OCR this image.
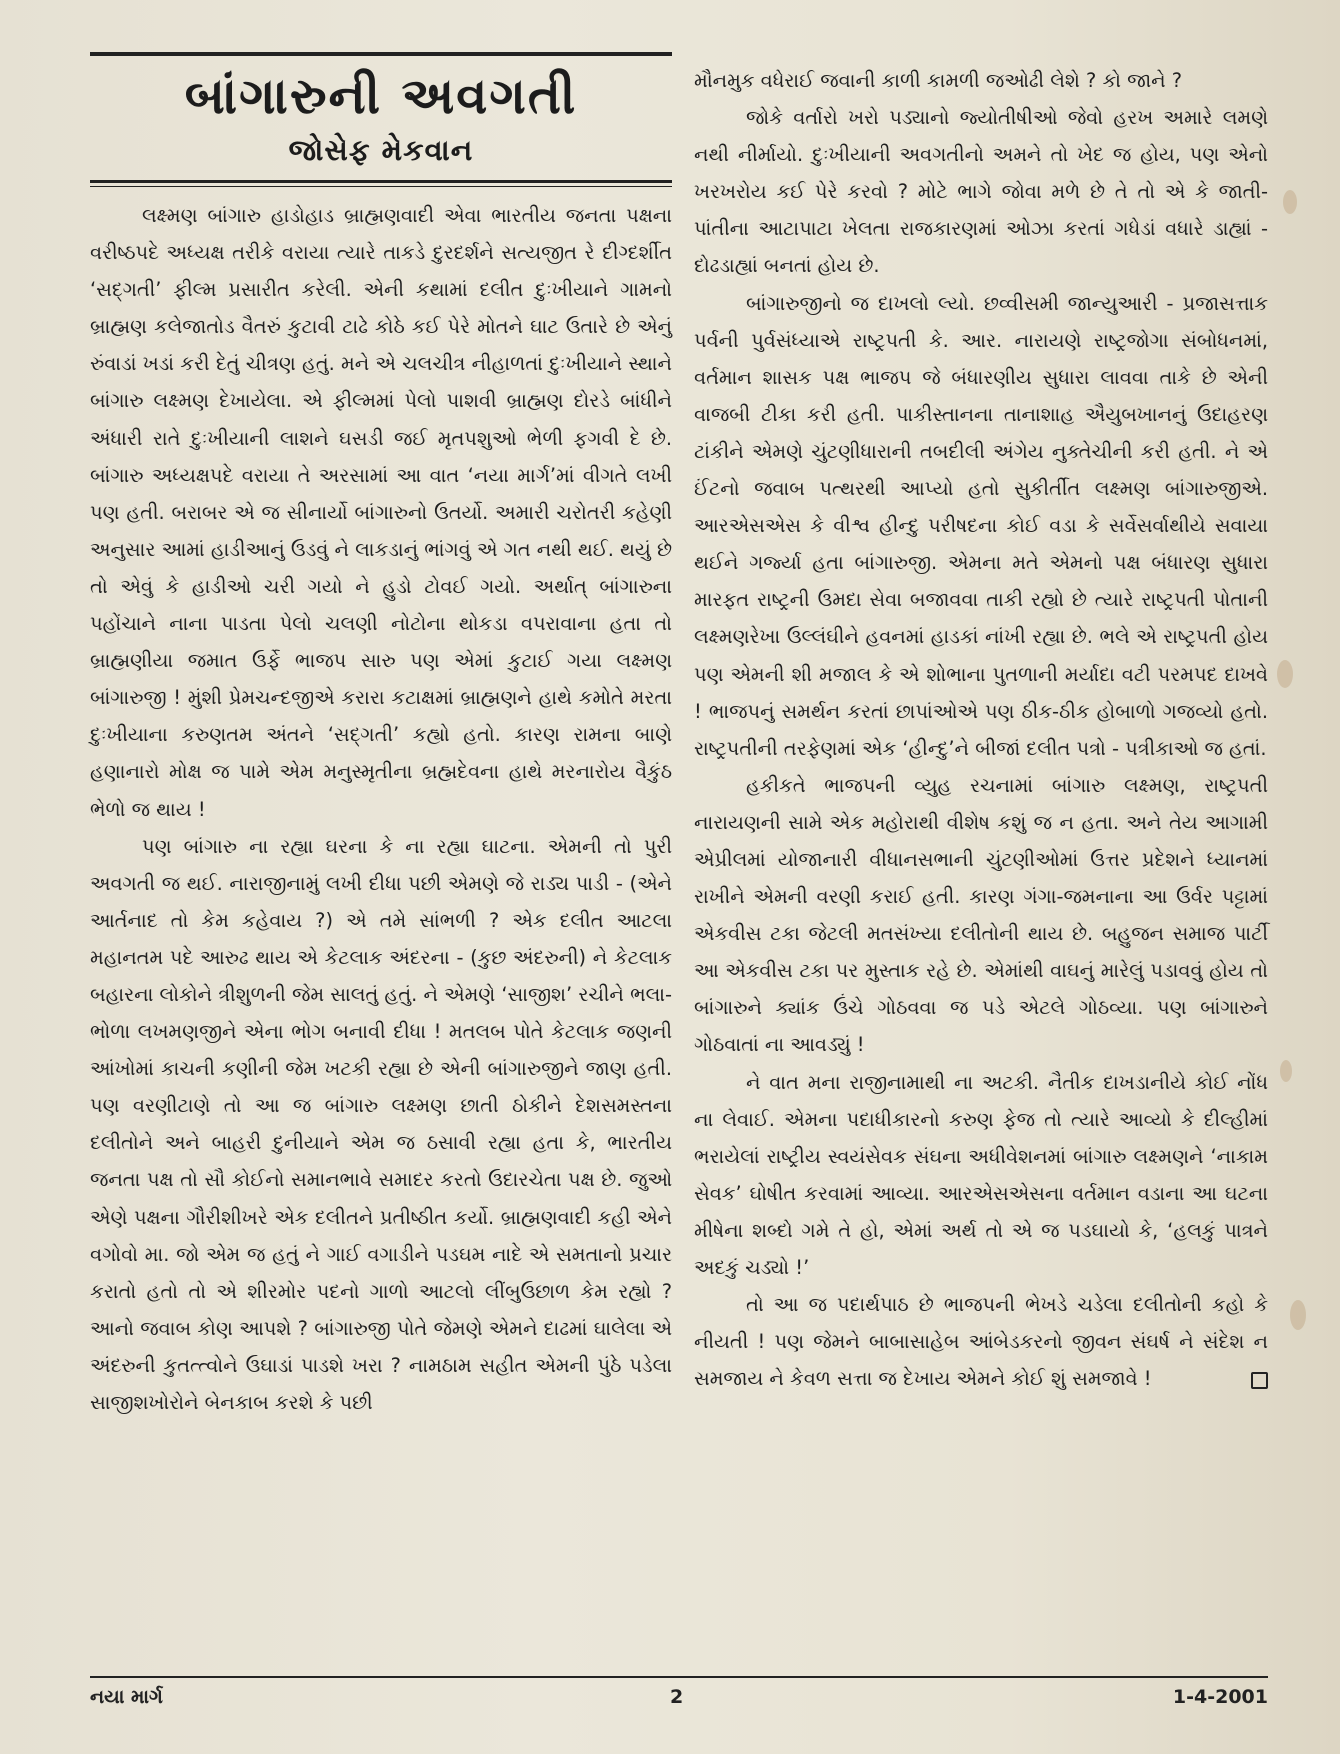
બાંગારુની અવગતી
જોસેફ મેકવાન

લક્ષ્મણ બાંગારુ હાડોહાડ બ્રાહ્મણવાદી એવા ભારતીય જનતા પક્ષના વરીષ્ઠપદે અધ્યક્ષ તરીકે વરાયા ત્યારે તાકડે દુરદર્શને સત્યજીત રે દીગ્દર્શીત ‘સદ્‌ગતી’ ફીલ્મ પ્રસારીત કરેલી. એની કથામાં દલીત દુઃખીયાને ગામનો બ્રાહ્મણ કલેજાતોડ વૈતરું કુટાવી ટાઢે કોઠે કઈ પેરે મોતને ઘાટ ઉતારે છે એનું રુંવાડાં ખડાં કરી દેતું ચીત્રણ હતું. મને એ ચલચીત્ર નીહાળતાં દુઃખીયાને સ્થાને બાંગારુ લક્ષ્મણ દેખાયેલા. એ ફીલ્મમાં પેલો પાશવી બ્રાહ્મણ દોરડે બાંધીને અંધારી રાતે દુઃખીયાની લાશને ઘસડી જઈ મૃતપશુઓ ભેળી ફગવી દે છે. બાંગારુ અધ્યક્ષપદે વરાયા તે અરસામાં આ વાત ‘નયા માર્ગ’માં વીગતે લખી પણ હતી. બરાબર એ જ સીનાર્યો બાંગારુનો ઉતર્યો. અમારી ચરોતરી કહેણી અનુસાર આમાં હાડીઆનું ઉડવું ને લાકડાનું ભાંગવું એ ગત નથી થઈ. થયું છે તો એવું કે હાડીઓ ચરી ગયો ને હુડો ટોવઈ ગયો. અર્થાત્ બાંગારુના પહોંચાને નાના પાડતા પેલો ચલણી નોટોના થોકડા વપરાવાના હતા તો બ્રાહ્મણીયા જમાત ઉર્ફે ભાજપ સારુ પણ એમાં કુટાઈ ગયા લક્ષ્મણ બાંગારુજી ! મુંશી પ્રેમચન્દજીએ કરારા કટાક્ષમાં બ્રાહ્મણને હાથે કમોતે મરતા દુઃખીયાના કરુણતમ અંતને ‘સદ્‌ગતી’ કહ્યો હતો. કારણ રામના બાણે હણાનારો મોક્ષ જ પામે એમ મનુસ્મૃતીના બ્રહ્મદેવના હાથે મરનારોય વૈકુંઠ ભેળો જ થાય !

પણ બાંગારુ ના રહ્યા ઘરના કે ના રહ્યા ઘાટના. એમની તો પુરી અવગતી જ થઈ. નારાજીનામું લખી દીધા પછી એમણે જે રાડ્ય પાડી - (એને આર્તનાદ તો કેમ કહેવાય ?) એ તમે સાંભળી ? એક દલીત આટલા મહાનતમ પદે આરુઢ થાય એ કેટલાક અંદરના - (કુછ અંદરુની) ને કેટલાક બહારના લોકોને ત્રીશુળની જેમ સાલતું હતું. ને એમણે ‘સાજીશ’ રચીને ભલા-ભોળા લખમણજીને એના ભોગ બનાવી દીધા ! મતલબ પોતે કેટલાક જણની આંખોમાં કાચની કણીની જેમ ખટકી રહ્યા છે એની બાંગારુજીને જાણ હતી. પણ વરણીટાણે તો આ જ બાંગારુ લક્ષ્મણ છાતી ઠોકીને દેશસમસ્તના દલીતોને અને બાહરી દુનીયાને એમ જ ઠસાવી રહ્યા હતા કે, ભારતીય જનતા પક્ષ તો સૌ કોઈનો સમાનભાવે સમાદર કરતો ઉદારચેતા પક્ષ છે. જુઓ એણે પક્ષના ગૌરીશીખરે એક દલીતને પ્રતીષ્ઠીત કર્યો. બ્રાહ્મણવાદી કહી એને વગોવો મા. જો એમ જ હતું ને ગાઈ વગાડીને પડઘમ નાદે એ સમતાનો પ્રચાર કરાતો હતો તો એ શીરમોર પદનો ગાળો આટલો લીંબુઉછાળ કેમ રહ્યો ? આનો જવાબ કોણ આપશે ? બાંગારુજી પોતે જેમણે એમને દાઢમાં ઘાલેલા એ અંદરુની કુતત્ત્વોને ઉઘાડાં પાડશે ખરા ? નામઠામ સહીત એમની પુંઠે પડેલા સાજીશખોરોને બેનકાબ કરશે કે પછી

મૌનમુક વધેરાઈ જવાની કાળી કામળી જઓઢી લેશે ? કો જાને ?

જોકે વર્તારો ખરો પડ્યાનો જ્યોતીષીઓ જેવો હરખ અમારે લમણે નથી નીર્માયો. દુઃખીયાની અવગતીનો અમને તો ખેદ જ હોય, પણ એનો ખરખરોય કઈ પેરે કરવો ? મોટે ભાગે જોવા મળે છે તે તો એ કે જાતી-પાંતીના આટાપાટા ખેલતા રાજકારણમાં ઓઝા કરતાં ગધેડાં વધારે ડાહ્યાં - દોઢડાહ્યાં બનતાં હોય છે.

બાંગારુજીનો જ દાખલો લ્યો. છવ્વીસમી જાન્યુઆરી - પ્રજાસત્તાક પર્વની પુર્વસંધ્યાએ રાષ્ટ્રપતી કે. આર. નારાયણે રાષ્ટ્રજોગા સંબોધનમાં, વર્તમાન શાસક પક્ષ ભાજપ જે બંધારણીય સુધારા લાવવા તાકે છે એની વાજબી ટીકા કરી હતી. પાકીસ્તાનના તાનાશાહ ઐયુબખાનનું ઉદાહરણ ટાંકીને એમણે ચુંટણીધારાની તબદીલી અંગેય નુક્તેચીની કરી હતી. ને એ ઈંટનો જવાબ પત્થરથી આપ્યો હતો સુકીર્તીત લક્ષ્મણ બાંગારુજીએ. આરએસએસ કે વીશ્વ હીન્દુ પરીષદના કોઈ વડા કે સર્વેસર્વાથીયે સવાયા થઈને ગર્જ્યા હતા બાંગારુજી. એમના મતે એમનો પક્ષ બંધારણ સુધારા મારફત રાષ્ટ્રની ઉમદા સેવા બજાવવા તાકી રહ્યો છે ત્યારે રાષ્ટ્રપતી પોતાની લક્ષ્મણરેખા ઉલ્લંઘીને હવનમાં હાડકાં નાંખી રહ્યા છે. ભલે એ રાષ્ટ્રપતી હોય પણ એમની શી મજાલ કે એ શોભાના પુતળાની મર્યાદા વટી પરમપદ દાખવે ! ભાજપનું સમર્થન કરતાં છાપાંઓએ પણ ઠીક-ઠીક હોબાળો ગજવ્યો હતો. રાષ્ટ્રપતીની તરફેણમાં એક ‘હીન્દુ’ને બીજાં દલીત પત્રો - પત્રીકાઓ જ હતાં.

હકીકતે ભાજપની વ્યુહ રચનામાં બાંગારુ લક્ષ્મણ, રાષ્ટ્રપતી નારાયણની સામે એક મહોરાથી વીશેષ કશું જ ન હતા. અને તેય આગામી એપ્રીલમાં યોજાનારી વીધાનસભાની ચુંટણીઓમાં ઉત્તર પ્રદેશને ધ્યાનમાં રાખીને એમની વરણી કરાઈ હતી. કારણ ગંગા-જમનાના આ ઉર્વર પટ્ટામાં એકવીસ ટકા જેટલી મતસંખ્યા દલીતોની થાય છે. બહુજન સમાજ પાર્ટી આ એકવીસ ટકા પર મુસ્તાક રહે છે. એમાંથી વાઘનું મારેલું પડાવવું હોય તો બાંગારુને ક્યાંક ઉંચે ગોઠવવા જ પડે એટલે ગોઠવ્યા. પણ બાંગારુને ગોઠવાતાં ના આવડ્યું !

ને વાત મના રાજીનામાથી ના અટકી. નૈતીક દાખડાનીયે કોઈ નોંધ ના લેવાઈ. એમના પદાધીકારનો કરુણ ફેજ તો ત્યારે આવ્યો કે દીલ્હીમાં ભરાયેલાં રાષ્ટ્રીય સ્વયંસેવક સંઘના અધીવેશનમાં બાંગારુ લક્ષ્મણને ‘નાકામ સેવક’ ઘોષીત કરવામાં આવ્યા. આરએસએસના વર્તમાન વડાના આ ઘટના મીષેના શબ્દો ગમે તે હો, એમાં અર્થ તો એ જ પડઘાયો કે, ‘હલકું પાત્રને અદકું ચડ્યો !’

તો આ જ પદાર્થપાઠ છે ભાજપની ભેખડે ચડેલા દલીતોની કહો કે નીયતી ! પણ જેમને બાબાસાહેબ આંબેડકરનો જીવન સંઘર્ષ ને સંદેશ ન સમજાય ને કેવળ સત્તા જ દેખાય એમને કોઈ શું સમજાવે !

નયા માર્ગ	2	1-4-2001
